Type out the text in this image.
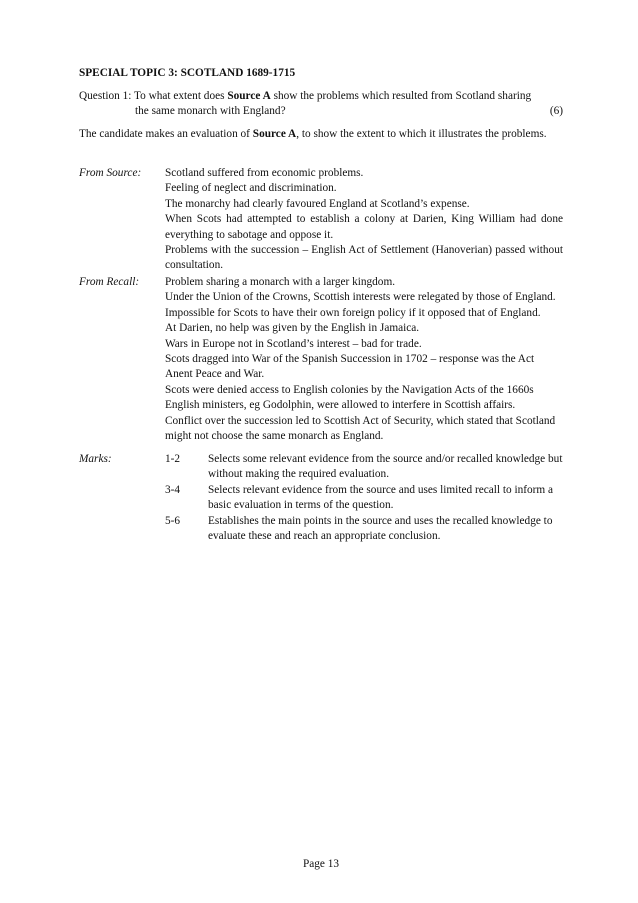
SPECIAL TOPIC 3: SCOTLAND 1689-1715
Question 1: To what extent does Source A show the problems which resulted from Scotland sharing
the same monarch with England?	(6)
The candidate makes an evaluation of Source A, to show the extent to which it illustrates the problems.
From Source:	Scotland suffered from economic problems.

Feeling of neglect and discrimination.

The monarchy had clearly favoured England at Scotland’s expense.

When Scots had attempted to establish a colony at Darien, King William had done everything to sabotage and oppose it.

Problems with the succession – English Act of Settlement (Hanoverian) passed without consultation.

From Recall:	Problem sharing a monarch with a larger kingdom.

Under the Union of the Crowns, Scottish interests were relegated by those of England.

Impossible for Scots to have their own foreign policy if it opposed that of England.

At Darien, no help was given by the English in Jamaica.

Wars in Europe not in Scotland’s interest – bad for trade.

Scots dragged into War of the Spanish Succession in 1702 – response was the Act Anent Peace and War.

Scots were denied access to English colonies by the Navigation Acts of the 1660s

English ministers, eg Godolphin, were allowed to interfere in Scottish affairs.

Conflict over the succession led to Scottish Act of Security, which stated that Scotland might not choose the same monarch as England.

Marks:	1-2	Selects some relevant evidence from the source and/or recalled knowledge but without making the required evaluation.
3-4	Selects relevant evidence from the source and uses limited recall to inform a basic evaluation in terms of the question.
5-6	Establishes the main points in the source and uses the recalled knowledge to evaluate these and reach an appropriate conclusion.
Page 13
